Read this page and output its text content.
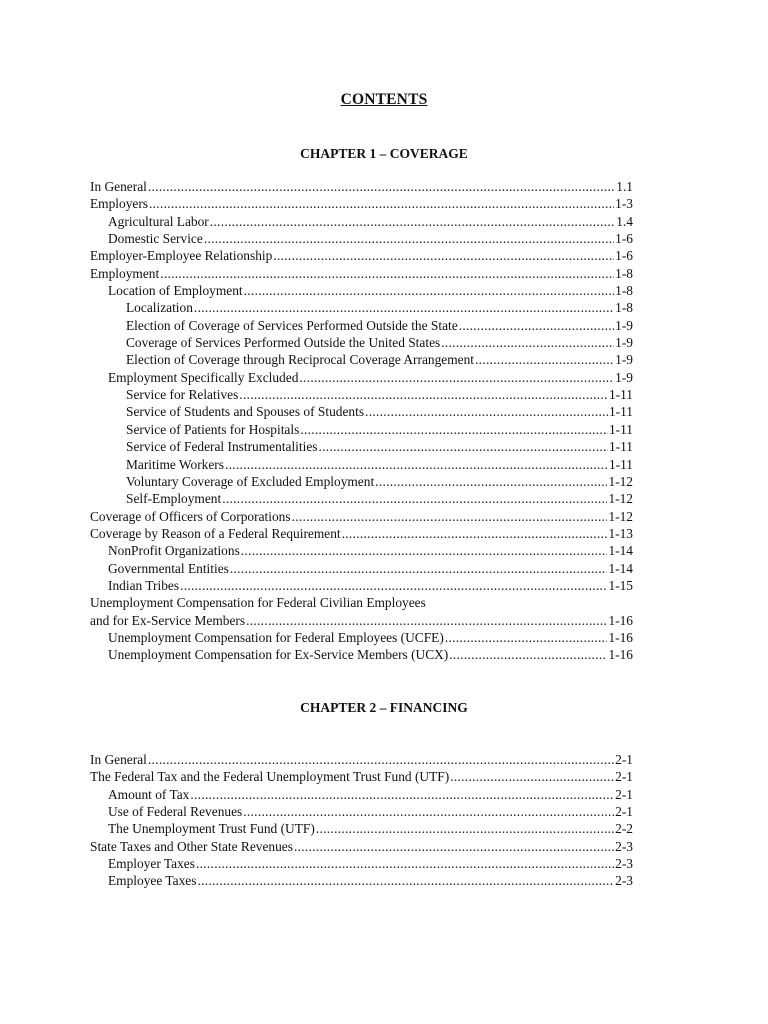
CONTENTS
CHAPTER 1 – COVERAGE
In General .....	1.1
Employers .....	1-3
Agricultural Labor .....	1.4
Domestic Service .....	1-6
Employer-Employee Relationship .....	1-6
Employment .....	1-8
Location of Employment .....	1-8
Localization .....	1-8
Election of Coverage of Services Performed Outside the State .....	1-9
Coverage of Services Performed Outside the United States .....	1-9
Election of Coverage through Reciprocal Coverage Arrangement .....	1-9
Employment Specifically Excluded .....	1-9
Service for Relatives .....	1-11
Service of Students and Spouses of Students .....	1-11
Service of Patients for Hospitals .....	1-11
Service of Federal Instrumentalities .....	1-11
Maritime Workers .....	1-11
Voluntary Coverage of Excluded Employment .....	1-12
Self-Employment .....	1-12
Coverage of Officers of Corporations .....	1-12
Coverage by Reason of a Federal Requirement .....	1-13
NonProfit Organizations .....	1-14
Governmental Entities .....	1-14
Indian Tribes .....	1-15
Unemployment Compensation for Federal Civilian Employees
and for Ex-Service Members .....	1-16
Unemployment Compensation for Federal Employees (UCFE) .....	1-16
Unemployment Compensation for Ex-Service Members (UCX) .....	1-16
CHAPTER 2 – FINANCING
In General .....	2-1
The Federal Tax and the Federal Unemployment Trust Fund (UTF) .....	2-1
Amount of Tax .....	2-1
Use of Federal Revenues .....	2-1
The Unemployment Trust Fund (UTF) .....	2-2
State Taxes and Other State Revenues .....	2-3
Employer Taxes .....	2-3
Employee Taxes .....	2-3
